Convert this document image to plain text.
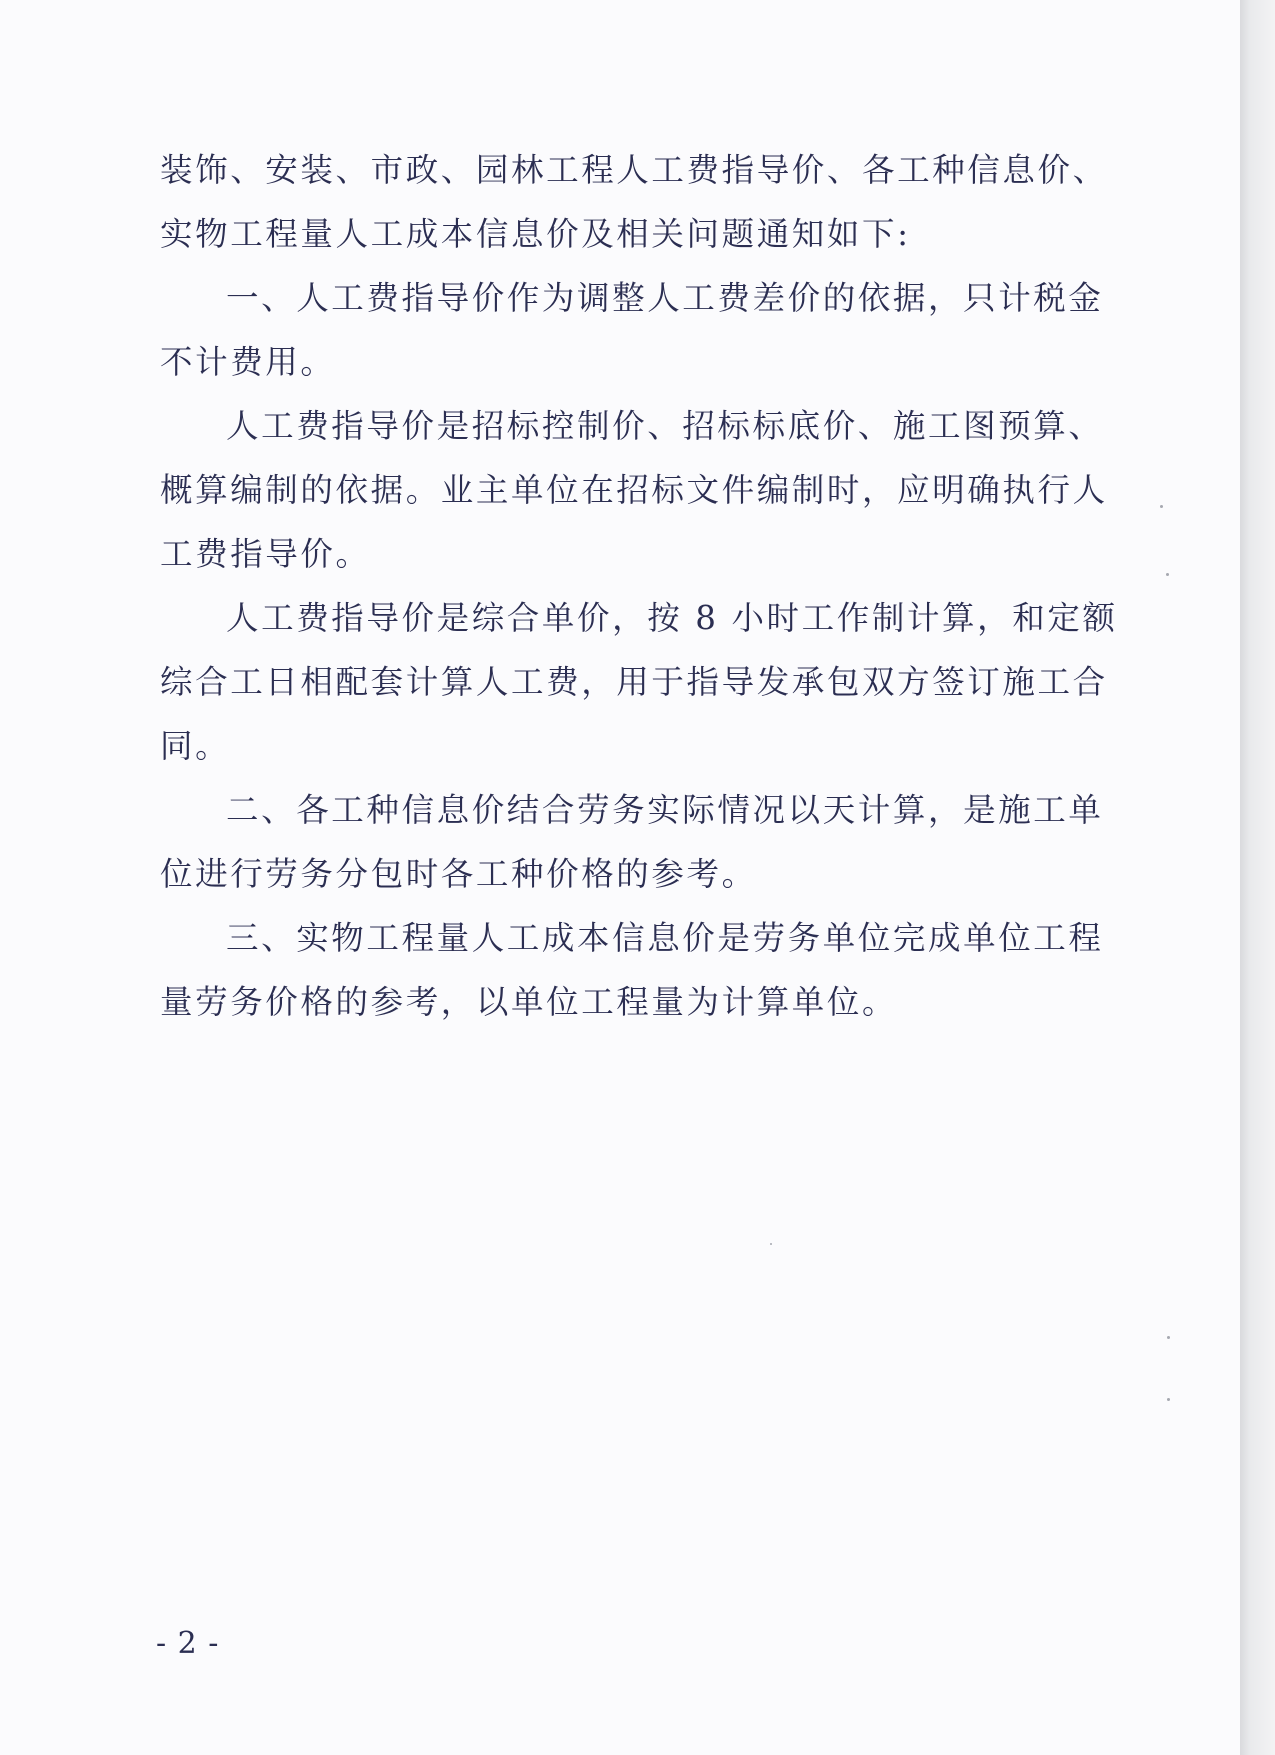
装饰、安装、市政、园林工程人工费指导价、各工种信息价、
实物工程量人工成本信息价及相关问题通知如下:
一、人工费指导价作为调整人工费差价的依据，只计税金
不计费用。
人工费指导价是招标控制价、招标标底价、施工图预算、
概算编制的依据。业主单位在招标文件编制时，应明确执行人
工费指导价。
人工费指导价是综合单价，按 8 小时工作制计算，和定额
综合工日相配套计算人工费，用于指导发承包双方签订施工合
同。
二、各工种信息价结合劳务实际情况以天计算，是施工单
位进行劳务分包时各工种价格的参考。
三、实物工程量人工成本信息价是劳务单位完成单位工程
量劳务价格的参考，以单位工程量为计算单位。
- 2 -
